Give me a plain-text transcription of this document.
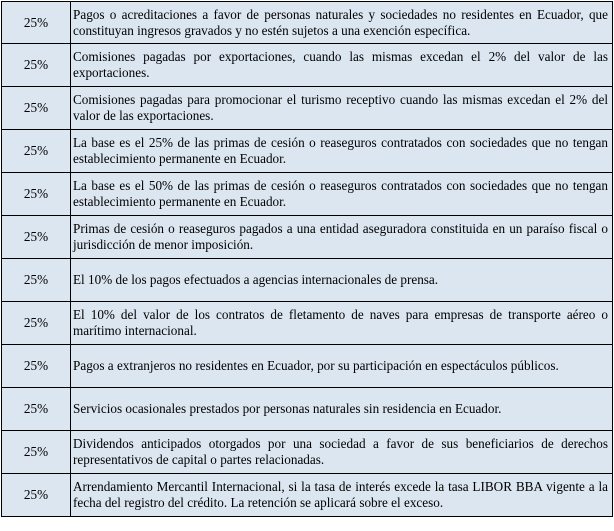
25%	Pagos o acreditaciones a favor de personas naturales y sociedades no residentes en Ecuador, que constituyan ingresos gravados y no estén sujetos a una exención específica.
25%	Comisiones pagadas por exportaciones, cuando las mismas excedan el 2% del valor de las exportaciones.
25%	Comisiones pagadas para promocionar el turismo receptivo cuando las mismas excedan el 2% del valor de las exportaciones.
25%	La base es el 25% de las primas de cesión o reaseguros contratados con sociedades que no tengan establecimiento permanente en Ecuador.
25%	La base es el 50% de las primas de cesión o reaseguros contratados con sociedades que no tengan establecimiento permanente en Ecuador.
25%	Primas de cesión o reaseguros pagados a una entidad aseguradora constituida en un paraíso fiscal o jurisdicción de menor imposición.
25%	El 10% de los pagos efectuados a agencias internacionales de prensa.
25%	El 10% del valor de los contratos de fletamento de naves para empresas de transporte aéreo o marítimo internacional.
25%	Pagos a extranjeros no residentes en Ecuador, por su participación en espectáculos públicos.
25%	Servicios ocasionales prestados por personas naturales sin residencia en Ecuador.
25%	Dividendos anticipados otorgados por una sociedad a favor de sus beneficiarios de derechos representativos de capital o partes relacionadas.
25%	Arrendamiento Mercantil Internacional, si la tasa de interés excede la tasa LIBOR BBA vigente a la fecha del registro del crédito. La retención se aplicará sobre el exceso.
